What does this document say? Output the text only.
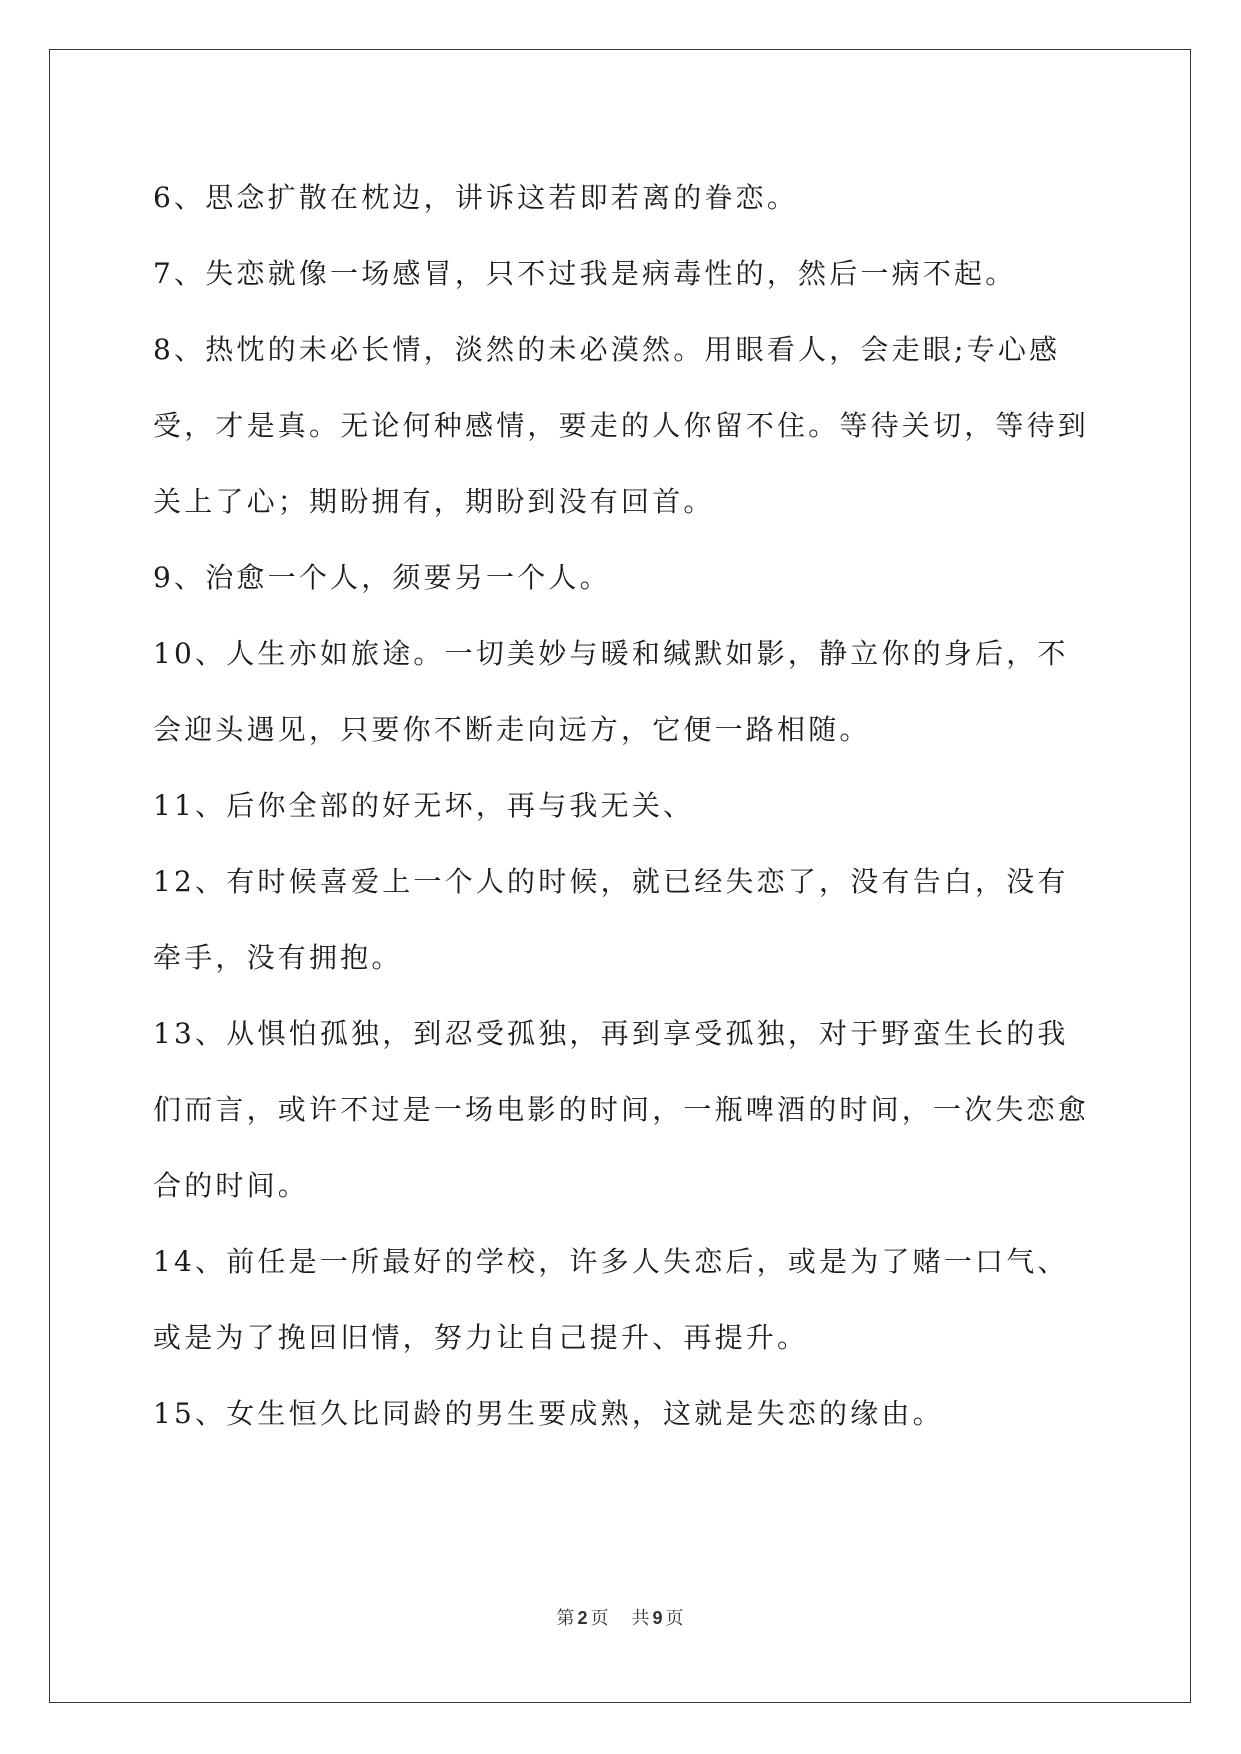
6、思念扩散在枕边，讲诉这若即若离的眷恋。

7、失恋就像一场感冒，只不过我是病毒性的，然后一病不起。

8、热忱的未必长情，淡然的未必漠然。用眼看人，会走眼;专心感受，才是真。无论何种感情，要走的人你留不住。等待关切，等待到关上了心；期盼拥有，期盼到没有回首。

9、治愈一个人，须要另一个人。

10、人生亦如旅途。一切美妙与暖和缄默如影，静立你的身后，不会迎头遇见，只要你不断走向远方，它便一路相随。

11、后你全部的好无坏，再与我无关、

12、有时候喜爱上一个人的时候，就已经失恋了，没有告白，没有牵手，没有拥抱。

13、从惧怕孤独，到忍受孤独，再到享受孤独，对于野蛮生长的我们而言，或许不过是一场电影的时间，一瓶啤酒的时间，一次失恋愈合的时间。

14、前任是一所最好的学校，许多人失恋后，或是为了赌一口气、或是为了挽回旧情，努力让自己提升、再提升。

15、女生恒久比同龄的男生要成熟，这就是失恋的缘由。

第 2 页 共 9 页
